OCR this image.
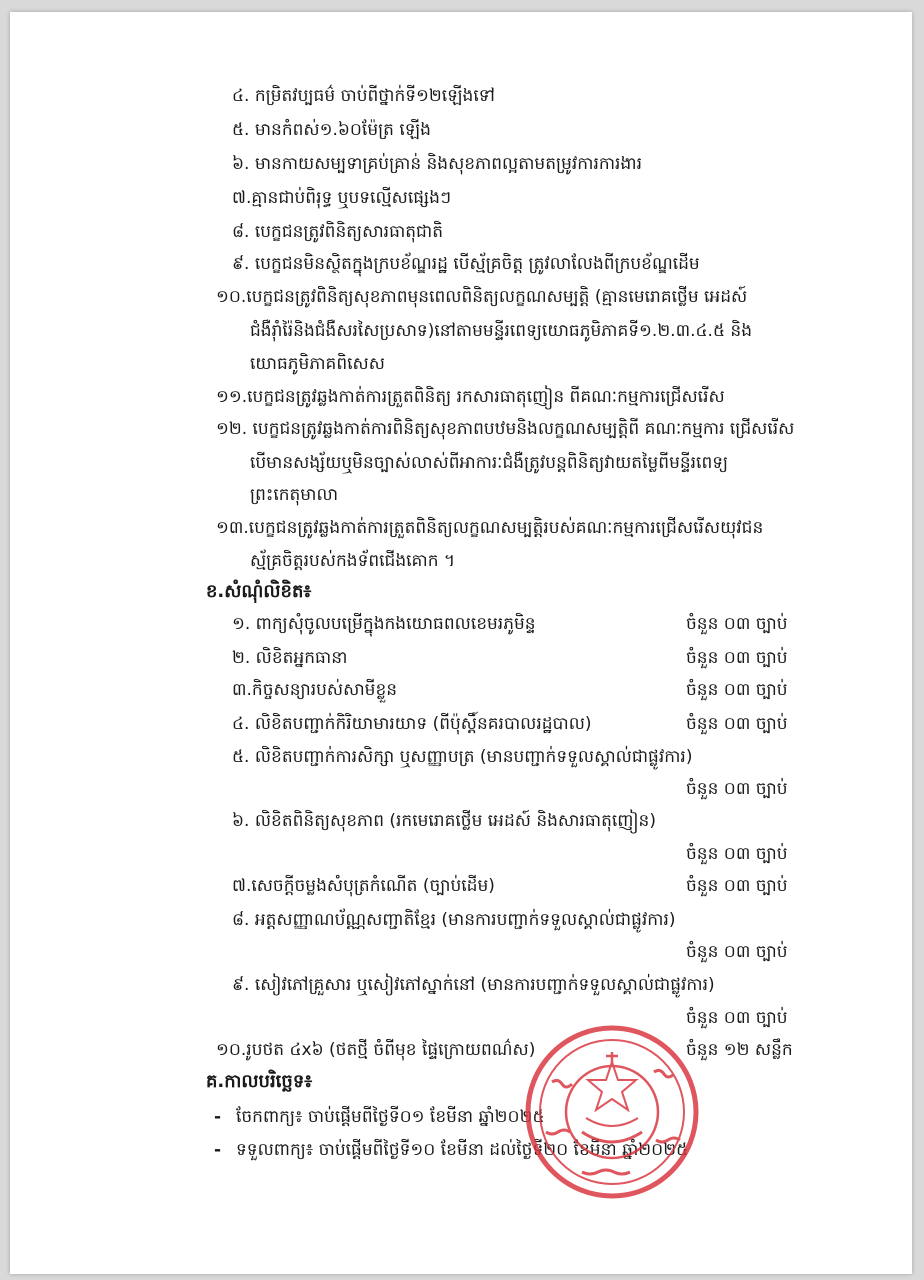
៤. កម្រិតវប្បធម៌ ចាប់ពីថ្នាក់ទី១២ឡើងទៅ
៥. មានកំពស់១.៦០ម៉ែត្រ ឡើង
៦. មានកាយសម្បទាគ្រប់គ្រាន់ និងសុខភាពល្អតាមតម្រូវការការងារ
៧.គ្មានជាប់ពិរុទ្ធ ឬបទល្មើសផ្សេងៗ
៨. បេក្ខជនត្រូវពិនិត្យសារធាតុជាតិ
៩. បេក្ខជនមិនស្ថិតក្នុងក្របខ័ណ្ឌរដ្ឋ បើស្ម័គ្រចិត្ត ត្រូវលាលែងពីក្របខ័ណ្ឌដើម
១០.បេក្ខជនត្រូវពិនិត្យសុខភាពមុនពេលពិនិត្យលក្ខណសម្បត្តិ (គ្មានមេរោគថ្លើម អេដស៍
ជំងឺរ៉ាំរ៉ៃនិងជំងឺសរសៃប្រសាទ)នៅតាមមន្ទីរពេទ្យយោធភូមិភាគទី១.២.៣.៤.៥ និង
យោធភូមិភាគពិសេស
១១.បេក្ខជនត្រូវឆ្លងកាត់ការត្រួតពិនិត្យ រកសារធាតុញៀន ពីគណៈកម្មការជ្រើសរើស
១២. បេក្ខជនត្រូវឆ្លងកាត់ការពិនិត្យសុខភាពបឋមនិងលក្ខណសម្បត្តិពី គណៈកម្មការ ជ្រើសរើស
បើមានសង្ស័យឬមិនច្បាស់លាស់ពីអាការៈជំងឺត្រូវបន្តពិនិត្យវាយតម្លៃពីមន្ទីរពេទ្យ
ព្រះកេតុមាលា
១៣.បេក្ខជនត្រូវឆ្លងកាត់ការត្រួតពិនិត្យលក្ខណសម្បត្តិរបស់គណៈកម្មការជ្រើសរើសយុវជន
ស្ម័គ្រចិត្តរបស់កងទ័ពជើងគោក ។
ខ.សំណុំលិខិត៖
១. ពាក្យសុំចូលបម្រើក្នុងកងយោធពលខេមរភូមិន្ទ	ចំនួន ០៣ ច្បាប់
២. លិខិតអ្នកធានា	ចំនួន ០៣ ច្បាប់
៣.កិច្ចសន្យារបស់សាមីខ្លួន	ចំនួន ០៣ ច្បាប់
៤. លិខិតបញ្ជាក់កិរិយាមារយាទ (ពីប៉ុស្តិ៍នគរបាលរដ្ឋបាល)	ចំនួន ០៣ ច្បាប់
៥. លិខិតបញ្ជាក់ការសិក្សា ឬសញ្ញាបត្រ (មានបញ្ជាក់ទទួលស្គាល់ជាផ្លូវការ)
ចំនួន ០៣ ច្បាប់
៦. លិខិតពិនិត្យសុខភាព (រកមេរោគថ្លើម អេដស៍ និងសារធាតុញៀន)
ចំនួន ០៣ ច្បាប់
៧.សេចក្តីចម្លងសំបុត្រកំណើត (ច្បាប់ដើម)	ចំនួន ០៣ ច្បាប់
៨. អត្តសញ្ញាណប័ណ្ណសញ្ជាតិខ្មែរ (មានការបញ្ជាក់ទទួលស្គាល់ជាផ្លូវការ)
ចំនួន ០៣ ច្បាប់
៩. សៀវភៅគ្រួសារ ឬសៀវភៅស្នាក់នៅ (មានការបញ្ជាក់ទទួលស្គាល់ជាផ្លូវការ)
ចំនួន ០៣ ច្បាប់
១០.រូបថត ៤x៦ (ថតថ្មី ចំពីមុខ ផ្ទៃក្រោយពណ៌ស)	ចំនួន ១២ សន្លឹក
គ.កាលបរិច្ឆេទ៖
- ចែកពាក្យ៖ ចាប់ផ្តើមពីថ្ងៃទី០១ ខែមីនា ឆ្នាំ២០២៥
- ទទួលពាក្យ៖ ចាប់ផ្តើមពីថ្ងៃទី១០ ខែមីនា ដល់ថ្ងៃទី២០ ខែមីនា ឆ្នាំ២០២៥
